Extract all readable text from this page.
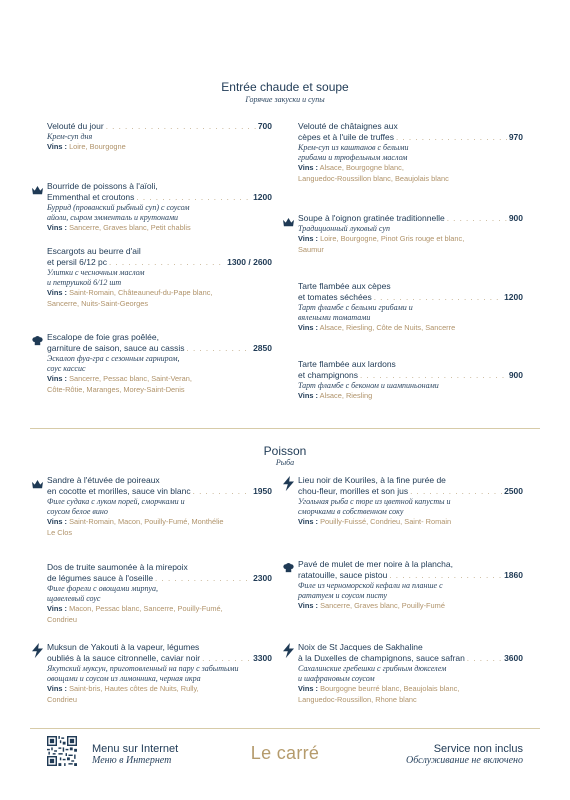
Entrée chaude et soupe
Горячие закуски и супы
Velouté du jour . . .	700
Крем-суп дня
Vins : Loire, Bourgogne
Bourride de poissons à l'aïoli,
Emmenthal et croutons . . .	1200
Буррид (прованский рыбный суп) с соусом
айоли, сыром эмменталь и крутонами
Vins : Sancerre, Graves blanc, Petit chablis
Escargots au beurre d'ail
et persil 6/12 pc . . .	1300 / 2600
Улитки с чесночным маслом
и петрушкой 6/12 шт
Vins : Saint-Romain, Châteauneuf-du-Pape blanc,
Sancerre, Nuits-Saint-Georges
Escalope de foie gras poêlée,
garniture de saison, sauce au cassis . . .	2850
Эскалоп фуа-гра с сезонным гарниром,
соус кассис
Vins : Sancerre, Pessac blanc, Saint-Veran,
Côte-Rôtie, Maranges, Morey-Saint-Denis
Velouté de châtaignes aux
cèpes et à l'uile de truffes . . .	970
Крем-суп из каштанов с белыми
грибами и трюфельным маслом
Vins : Alsace, Bourgogne blanc,
Languedoc-Roussillon blanc, Beaujolais blanc
Soupe à l'oignon gratinée traditionnelle . . .	900
Традиционный луковый суп
Vins : Loire, Bourgogne, Pinot Gris rouge et blanc,
Saumur
Tarte flambée aux cèpes
et tomates séchées . . .	1200
Тарт фламбе с белыми грибами и
вялеными томатами
Vins : Alsace, Riesling, Côte de Nuits, Sancerre
Tarte flambée aux lardons
et champignons . . .	900
Тарт фламбе с беконом и шампиньонами
Vins : Alsace, Riesling
Poisson
Рыба
Sandre à l'étuvée de poireaux
en cocotte et morilles, sauce vin blanc . . .	1950
Филе судака с луком порей, сморчками и
соусом белое вино
Vins : Saint-Romain, Macon, Pouilly-Fumé, Monthélie
Le Clos
Dos de truite saumonée à la mirepoix
de légumes sauce à l'oseille . . .	2300
Филе форели с овощами мирпуа,
щавелевый соус
Vins : Macon, Pessac blanc, Sancerre, Pouilly-Fumé,
Condrieu
Muksun de Yakouti à la vapeur, légumes
oubliés à la sauce citronnelle, caviar noir . . .	3300
Якутский муксун, приготовленный на пару с забытыми
овощами и соусом из лимонника, черная икра
Vins : Saint-bris, Hautes côtes de Nuits, Rully,
Condrieu
Lieu noir de Kouriles, à la fine purée de
chou-fleur, morilles et son jus . . .	2500
Угольная рыба с пюре из цветной капусты и
сморчками в собственном соку
Vins : Pouilly-Fuissé, Condrieu, Saint- Romain
Pavé de mulet de mer noire à la plancha,
ratatouille, sauce pistou . . .	1860
Филе из черноморской кефали на планше с
рататуем и соусом писту
Vins : Sancerre, Graves blanc, Pouilly-Fumé
Noix de St Jacques de Sakhaline
à la Duxelles de champignons, sauce safran . . .	3600
Сахалинские гребешки с грибным дюкселем
и шафрановым соусом
Vins : Bourgogne beurré blanc, Beaujolais blanc,
Languedoc-Roussillon, Rhone blanc
Menu sur Internet
Меню в Интернет	Le carré	Service non inclus
Обслуживание не включено
